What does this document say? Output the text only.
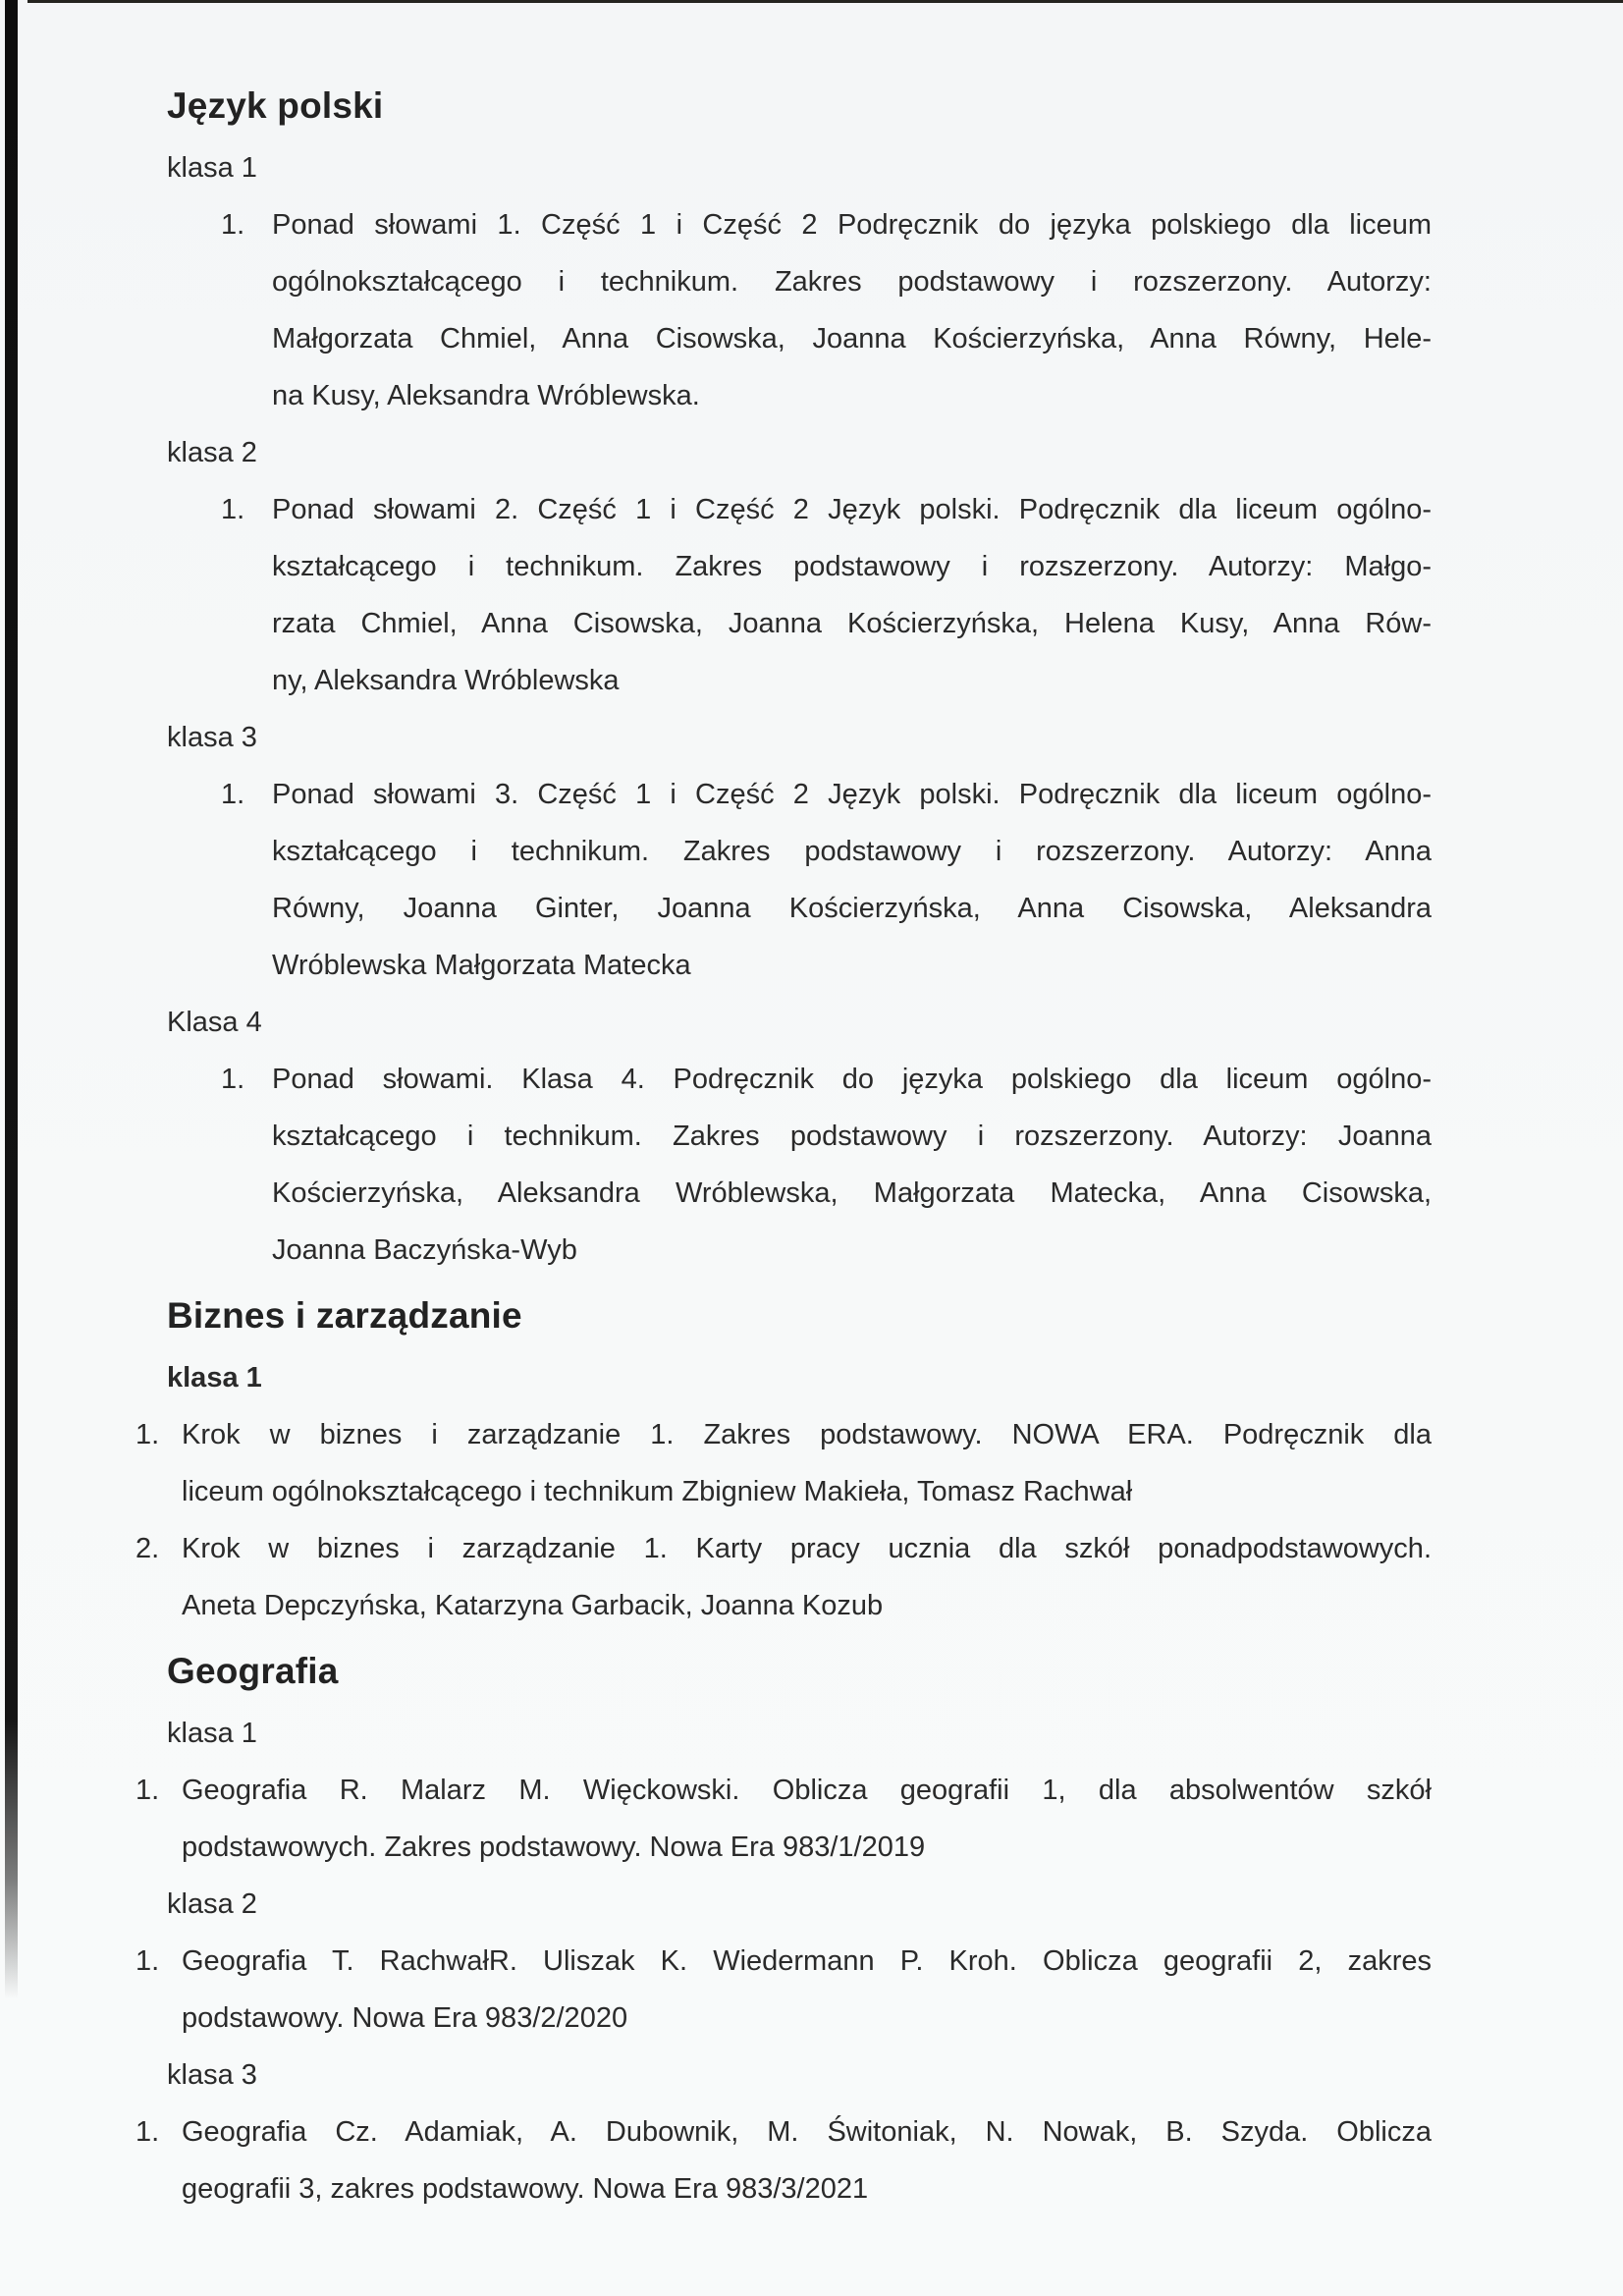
Język polski

klasa 1

1. Ponad słowami 1. Część 1 i Część 2 Podręcznik do języka polskiego dla liceum
ogólnokształcącego i technikum. Zakres podstawowy i rozszerzony. Autorzy:
Małgorzata Chmiel, Anna Cisowska, Joanna Kościerzyńska, Anna Równy, Hele-
na Kusy, Aleksandra Wróblewska.

klasa 2

1. Ponad słowami 2. Część 1 i Część 2 Język polski. Podręcznik dla liceum ogólno-
kształcącego i technikum. Zakres podstawowy i rozszerzony. Autorzy: Małgo-
rzata Chmiel, Anna Cisowska, Joanna Kościerzyńska, Helena Kusy, Anna Rów-
ny, Aleksandra Wróblewska

klasa 3

1. Ponad słowami 3. Część 1 i Część 2 Język polski. Podręcznik dla liceum ogólno-
kształcącego i technikum. Zakres podstawowy i rozszerzony. Autorzy: Anna
Równy, Joanna Ginter, Joanna Kościerzyńska, Anna Cisowska, Aleksandra
Wróblewska Małgorzata Matecka

Klasa 4

1. Ponad słowami. Klasa 4. Podręcznik do języka polskiego dla liceum ogólno-
kształcącego i technikum. Zakres podstawowy i rozszerzony. Autorzy: Joanna
Kościerzyńska, Aleksandra Wróblewska, Małgorzata Matecka, Anna Cisowska,
Joanna Baczyńska-Wyb
Biznes i zarządzanie

klasa 1

1. Krok w biznes i zarządzanie 1. Zakres podstawowy. NOWA ERA. Podręcznik dla
liceum ogólnokształcącego i technikum Zbigniew Makieła, Tomasz Rachwał
2. Krok w biznes i zarządzanie 1. Karty pracy ucznia dla szkół ponadpodstawowych.
Aneta Depczyńska, Katarzyna Garbacik, Joanna Kozub
Geografia

klasa 1

1. Geografia R. Malarz M. Więckowski. Oblicza geografii 1, dla absolwentów szkół
podstawowych. Zakres podstawowy. Nowa Era 983/1/2019

klasa 2

1. Geografia T. RachwałR. Uliszak K. Wiedermann P. Kroh. Oblicza geografii 2, zakres
podstawowy. Nowa Era 983/2/2020

klasa 3

1. Geografia Cz. Adamiak, A. Dubownik, M. Świtoniak, N. Nowak, B. Szyda. Oblicza
geografii 3, zakres podstawowy. Nowa Era 983/3/2021
